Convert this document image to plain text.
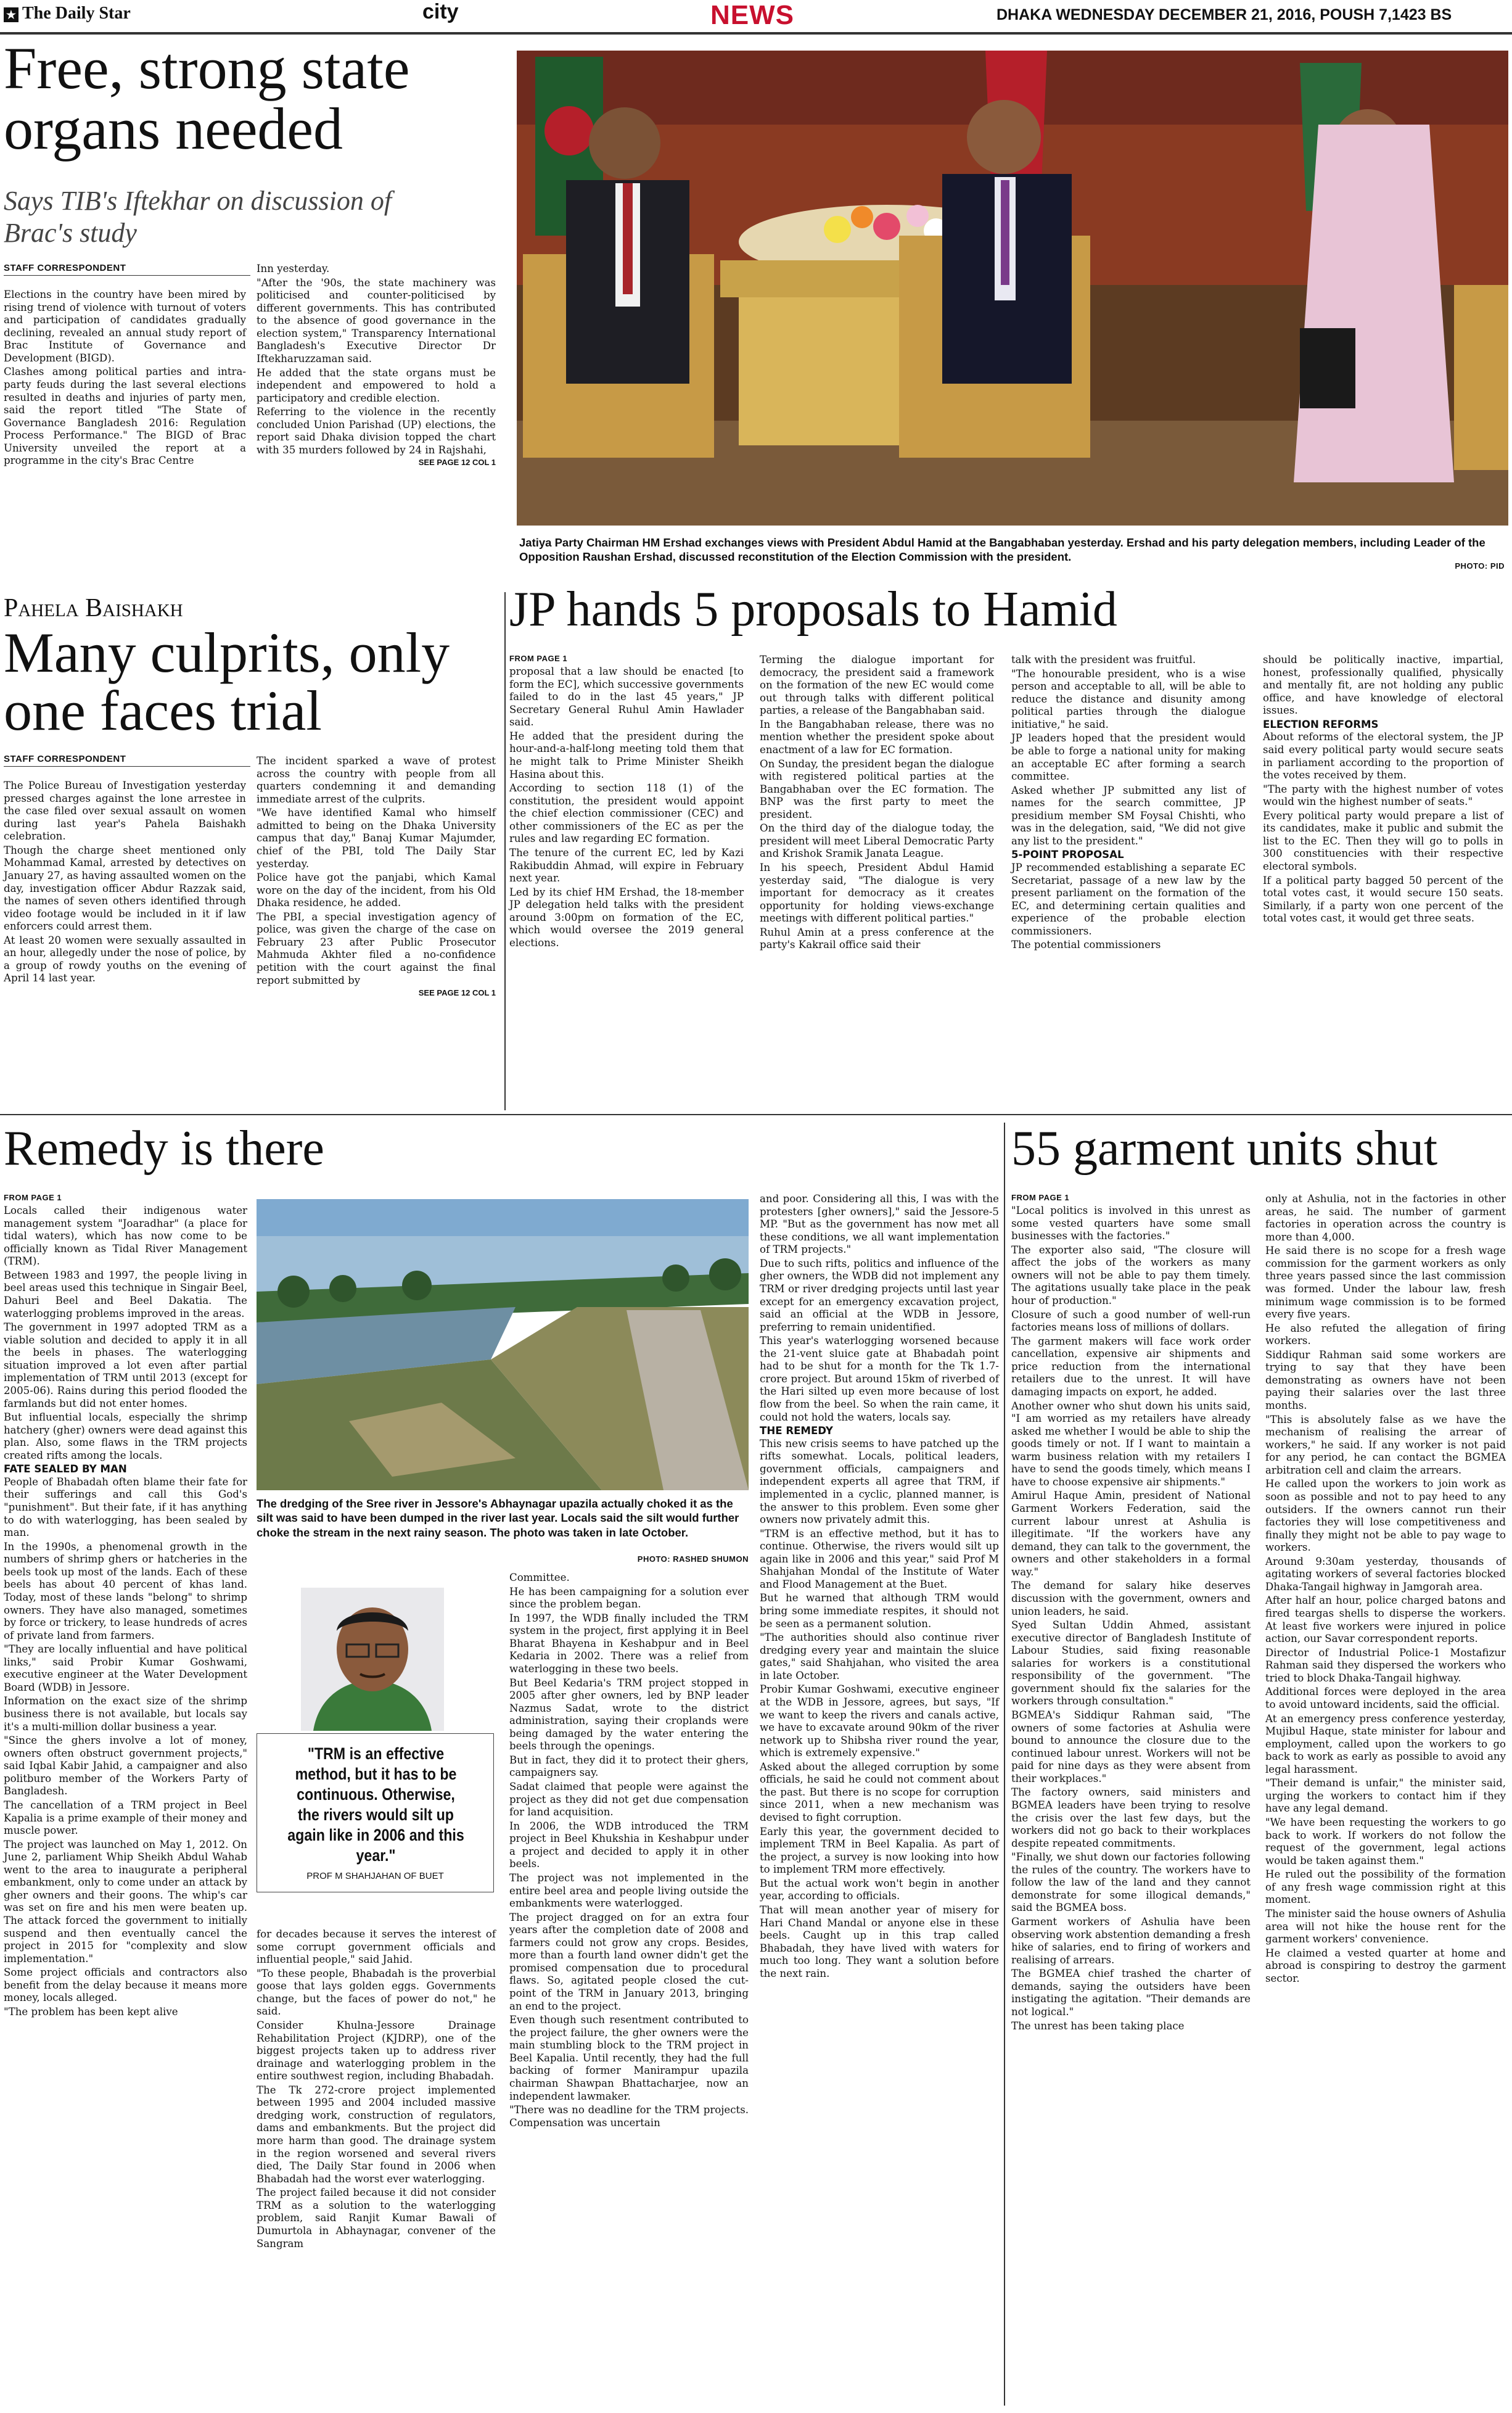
★ The Daily Star	city	NEWS	DHAKA WEDNESDAY DECEMBER 21, 2016, POUSH 7,1423 BS
Free, strong state organs needed
Says TIB's Iftekhar on discussion of Brac's study
STAFF CORRESPONDENT

Elections in the country have been mired by rising trend of violence with turnout of voters and participation of candidates gradually declining, revealed an annual study report of Brac Institute of Governance and Development (BIGD).

Clashes among political parties and intra-party feuds during the last several elections resulted in deaths and injuries of party men, said the report titled "The State of Governance Bangladesh 2016: Regulation Process Performance." The BIGD of Brac University unveiled the report at a programme in the city's Brac Centre

Inn yesterday.

"After the '90s, the state machinery was politicised and counter-politicised by different governments. This has contributed to the absence of good governance in the election system," Transparency International Bangladesh's Executive Director Dr Iftekharuzzaman said.

He added that the state organs must be independent and empowered to hold a participatory and credible election.

Referring to the violence in the recently concluded Union Parishad (UP) elections, the report said Dhaka division topped the chart with 35 murders followed by 24 in Rajshahi,

SEE PAGE 12 COL 1
Jatiya Party Chairman HM Ershad exchanges views with President Abdul Hamid at the Bangabhaban yesterday. Ershad and his party delegation members, including Leader of the Opposition Raushan Ershad, discussed reconstitution of the Election Commission with the president.
PHOTO: PID
Pahela Baishakh
Many culprits, only one faces trial
STAFF CORRESPONDENT

The Police Bureau of Investigation yesterday pressed charges against the lone arrestee in the case filed over sexual assault on women during last year's Pahela Baishakh celebration.

Though the charge sheet mentioned only Mohammad Kamal, arrested by detectives on January 27, as having assaulted women on the day, investigation officer Abdur Razzak said, the names of seven others identified through video footage would be included in it if law enforcers could arrest them.

At least 20 women were sexually assaulted in an hour, allegedly under the nose of police, by a group of rowdy youths on the evening of April 14 last year.

The incident sparked a wave of protest across the country with people from all quarters condemning it and demanding immediate arrest of the culprits.

"We have identified Kamal who himself admitted to being on the Dhaka University campus that day," Banaj Kumar Majumder, chief of the PBI, told The Daily Star yesterday.

Police have got the panjabi, which Kamal wore on the day of the incident, from his Old Dhaka residence, he added.

The PBI, a special investigation agency of police, was given the charge of the case on February 23 after Public Prosecutor Mahmuda Akhter filed a no-confidence petition with the court against the final report submitted by

SEE PAGE 12 COL 1
JP hands 5 proposals to Hamid
FROM PAGE 1

proposal that a law should be enacted [to form the EC], which successive governments failed to do in the last 45 years," JP Secretary General Ruhul Amin Hawlader said.

He added that the president during the hour-and-a-half-long meeting told them that he might talk to Prime Minister Sheikh Hasina about this.

According to section 118 (1) of the constitution, the president would appoint the chief election commissioner (CEC) and other commissioners of the EC as per the rules and law regarding EC formation.

The tenure of the current EC, led by Kazi Rakibuddin Ahmad, will expire in February next year.

Led by its chief HM Ershad, the 18-member JP delegation held talks with the president around 3:00pm on formation of the EC, which would oversee the 2019 general elections.

Terming the dialogue important for democracy, the president said a framework on the formation of the new EC would come out through talks with different political parties, a release of the Bangabhaban said.

In the Bangabhaban release, there was no mention whether the president spoke about enactment of a law for EC formation.

On Sunday, the president began the dialogue with registered political parties at the Bangabhaban over the EC formation. The BNP was the first party to meet the president.

On the third day of the dialogue today, the president will meet Liberal Democratic Party and Krishok Sramik Janata League.

In his speech, President Abdul Hamid yesterday said, "The dialogue is very important for democracy as it creates opportunity for holding views-exchange meetings with different political parties."

Ruhul Amin at a press conference at the party's Kakrail office said their

talk with the president was fruitful.

"The honourable president, who is a wise person and acceptable to all, will be able to reduce the distance and disunity among political parties through the dialogue initiative," he said.

JP leaders hoped that the president would be able to forge a national unity for making an acceptable EC after forming a search committee.

Asked whether JP submitted any list of names for the search committee, JP presidium member SM Foysal Chishti, who was in the delegation, said, "We did not give any list to the president."

5-POINT PROPOSAL

JP recommended establishing a separate EC Secretariat, passage of a new law by the present parliament on the formation of the EC, and determining certain qualities and experience of the probable election commissioners.

The potential commissioners

should be politically inactive, impartial, honest, professionally qualified, physically and mentally fit, are not holding any public office, and have knowledge of electoral issues.

ELECTION REFORMS

About reforms of the electoral system, the JP said every political party would secure seats in parliament according to the proportion of the votes received by them.

"The party with the highest number of votes would win the highest number of seats."

Every political party would prepare a list of its candidates, make it public and submit the list to the EC. Then they will go to polls in 300 constituencies with their respective electoral symbols.

If a political party bagged 50 percent of the total votes cast, it would secure 150 seats. Similarly, if a party won one percent of the total votes cast, it would get three seats.

Remedy is there
FROM PAGE 1

Locals called their indigenous water management system "Joaradhar" (a place for tidal waters), which has now come to be officially known as Tidal River Management (TRM).

Between 1983 and 1997, the people living in beel areas used this technique in Singair Beel, Dahuri Beel and Beel Dakatia. The waterlogging problems improved in the areas.

The government in 1997 adopted TRM as a viable solution and decided to apply it in all the beels in phases. The waterlogging situation improved a lot even after partial implementation of TRM until 2013 (except for 2005-06). Rains during this period flooded the farmlands but did not enter homes.

But influential locals, especially the shrimp hatchery (gher) owners were dead against this plan. Also, some flaws in the TRM projects created rifts among the locals.

FATE SEALED BY MAN

People of Bhabadah often blame their fate for their sufferings and call this God's "punishment". But their fate, if it has anything to do with waterlogging, has been sealed by man.

In the 1990s, a phenomenal growth in the numbers of shrimp ghers or hatcheries in the beels took up most of the lands. Each of these beels has about 40 percent of khas land. Today, most of these lands "belong" to shrimp owners. They have also managed, sometimes by force or trickery, to lease hundreds of acres of private land from farmers.

"They are locally influential and have political links," said Probir Kumar Goshwami, executive engineer at the Water Development Board (WDB) in Jessore.

Information on the exact size of the shrimp business there is not available, but locals say it's a multi-million dollar business a year.

"Since the ghers involve a lot of money, owners often obstruct government projects," said Iqbal Kabir Jahid, a campaigner and also politburo member of the Workers Party of Bangladesh.

The cancellation of a TRM project in Beel Kapalia is a prime example of their money and muscle power.

The project was launched on May 1, 2012. On June 2, parliament Whip Sheikh Abdul Wahab went to the area to inaugurate a peripheral embankment, only to come under an attack by gher owners and their goons. The whip's car was set on fire and his men were beaten up. The attack forced the government to initially suspend and then eventually cancel the project in 2015 for "complexity and slow implementation."

Some project officials and contractors also benefit from the delay because it means more money, locals alleged.

"The problem has been kept alive

The dredging of the Sree river in Jessore's Abhaynagar upazila actually choked it as the silt was said to have been dumped in the river last year. Locals said the silt would further choke the stream in the next rainy season. The photo was taken in late October.
PHOTO: RASHED SHUMON
"TRM is an effective method, but it has to be continuous. Otherwise, the rivers would silt up again like in 2006 and this year."
PROF M SHAHJAHAN OF BUET

for decades because it serves the interest of some corrupt government officials and influential people," said Jahid.

"To these people, Bhabadah is the proverbial goose that lays golden eggs. Governments change, but the faces of power do not," he said.

Consider Khulna-Jessore Drainage Rehabilitation Project (KJDRP), one of the biggest projects taken up to address river drainage and waterlogging problem in the entire southwest region, including Bhabadah.

The Tk 272-crore project implemented between 1995 and 2004 included massive dredging work, construction of regulators, dams and embankments. But the project did more harm than good. The drainage system in the region worsened and several rivers died, The Daily Star found in 2006 when Bhabadah had the worst ever waterlogging.

The project failed because it did not consider TRM as a solution to the waterlogging problem, said Ranjit Kumar Bawali of Dumurtola in Abhaynagar, convener of the Sangram

Committee.

He has been campaigning for a solution ever since the problem began.

In 1997, the WDB finally included the TRM system in the project, first applying it in Beel Bharat Bhayena in Keshabpur and in Beel Kedaria in 2002. There was a relief from waterlogging in these two beels.

But Beel Kedaria's TRM project stopped in 2005 after gher owners, led by BNP leader Nazmus Sadat, wrote to the district administration, saying their croplands were being damaged by the water entering the beels through the openings.

But in fact, they did it to protect their ghers, campaigners say.

Sadat claimed that people were against the project as they did not get due compensation for land acquisition.

In 2006, the WDB introduced the TRM project in Beel Khukshia in Keshabpur under a project and decided to apply it in other beels.

The project was not implemented in the entire beel area and people living outside the embankments were waterlogged.

The project dragged on for an extra four years after the completion date of 2008 and farmers could not grow any crops. Besides, more than a fourth land owner didn't get the promised compensation due to procedural flaws. So, agitated people closed the cut-point of the TRM in January 2013, bringing an end to the project.

Even though such resentment contributed to the project failure, the gher owners were the main stumbling block to the TRM project in Beel Kapalia. Until recently, they had the full backing of former Manirampur upazila chairman Shawpan Bhattacharjee, now an independent lawmaker.

"There was no deadline for the TRM projects. Compensation was uncertain

and poor. Considering all this, I was with the protesters [gher owners]," said the Jessore-5 MP. "But as the government has now met all these conditions, we all want implementation of TRM projects."

Due to such rifts, politics and influence of the gher owners, the WDB did not implement any TRM or river dredging projects until last year except for an emergency excavation project, said an official at the WDB in Jessore, preferring to remain unidentified.

This year's waterlogging worsened because the 21-vent sluice gate at Bhabadah point had to be shut for a month for the Tk 1.7-crore project. But around 15km of riverbed of the Hari silted up even more because of lost flow from the beel. So when the rain came, it could not hold the waters, locals say.

THE REMEDY

This new crisis seems to have patched up the rifts somewhat. Locals, political leaders, government officials, campaigners and independent experts all agree that TRM, if implemented in a cyclic, planned manner, is the answer to this problem. Even some gher owners now privately admit this.

"TRM is an effective method, but it has to continue. Otherwise, the rivers would silt up again like in 2006 and this year," said Prof M Shahjahan Mondal of the Institute of Water and Flood Management at the Buet.

But he warned that although TRM would bring some immediate respites, it should not be seen as a permanent solution.

"The authorities should also continue river dredging every year and maintain the sluice gates," said Shahjahan, who visited the area in late October.

Probir Kumar Goshwami, executive engineer at the WDB in Jessore, agrees, but says, "If we want to keep the rivers and canals active, we have to excavate around 90km of the river network up to Shibsha river round the year, which is extremely expensive."

Asked about the alleged corruption by some officials, he said he could not comment about the past. But there is no scope for corruption since 2011, when a new mechanism was devised to fight corruption.

Early this year, the government decided to implement TRM in Beel Kapalia. As part of the project, a survey is now looking into how to implement TRM more effectively.

But the actual work won't begin in another year, according to officials.

That will mean another year of misery for Hari Chand Mandal or anyone else in these beels. Caught up in this trap called Bhabadah, they have lived with waters for much too long. They want a solution before the next rain.

55 garment units shut
FROM PAGE 1

"Local politics is involved in this unrest as some vested quarters have some small businesses with the factories."

The exporter also said, "The closure will affect the jobs of the workers as many owners will not be able to pay them timely. The agitations usually take place in the peak hour of production."

Closure of such a good number of well-run factories means loss of millions of dollars.

The garment makers will face work order cancellation, expensive air shipments and price reduction from the international retailers due to the unrest. It will have damaging impacts on export, he added.

Another owner who shut down his units said, "I am worried as my retailers have already asked me whether I would be able to ship the goods timely or not. If I want to maintain a warm business relation with my retailers I have to send the goods timely, which means I have to choose expensive air shipments."

Amirul Haque Amin, president of National Garment Workers Federation, said the current labour unrest at Ashulia is illegitimate. "If the workers have any demand, they can talk to the government, the owners and other stakeholders in a formal way."

The demand for salary hike deserves discussion with the government, owners and union leaders, he said.

Syed Sultan Uddin Ahmed, assistant executive director of Bangladesh Institute of Labour Studies, said fixing reasonable salaries for workers is a constitutional responsibility of the government. "The government should fix the salaries for the workers through consultation."

BGMEA's Siddiqur Rahman said, "The owners of some factories at Ashulia were bound to announce the closure due to the continued labour unrest. Workers will not be paid for nine days as they were absent from their workplaces."

The factory owners, said ministers and BGMEA leaders have been trying to resolve the crisis over the last few days, but the workers did not go back to their workplaces despite repeated commitments.

"Finally, we shut down our factories following the rules of the country. The workers have to follow the law of the land and they cannot demonstrate for some illogical demands," said the BGMEA boss.

Garment workers of Ashulia have been observing work abstention demanding a fresh hike of salaries, end to firing of workers and realising of arrears.

The BGMEA chief trashed the charter of demands, saying the outsiders have been instigating the agitation. "Their demands are not logical."

The unrest has been taking place

only at Ashulia, not in the factories in other areas, he said. The number of garment factories in operation across the country is more than 4,000.

He said there is no scope for a fresh wage commission for the garment workers as only three years passed since the last commission was formed. Under the labour law, fresh minimum wage commission is to be formed every five years.

He also refuted the allegation of firing workers.

Siddiqur Rahman said some workers are trying to say that they have been demonstrating as owners have not been paying their salaries over the last three months.

"This is absolutely false as we have the mechanism of realising the arrear of workers," he said. If any worker is not paid for any period, he can contact the BGMEA arbitration cell and claim the arrears.

He called upon the workers to join work as soon as possible and not to pay heed to any outsiders. If the owners cannot run their factories they will lose competitiveness and finally they might not be able to pay wage to workers.

Around 9:30am yesterday, thousands of agitating workers of several factories blocked Dhaka-Tangail highway in Jamgorah area.

After half an hour, police charged batons and fired teargas shells to disperse the workers. At least five workers were injured in police action, our Savar correspondent reports.

Director of Industrial Police-1 Mostafizur Rahman said they dispersed the workers who tried to block Dhaka-Tangail highway.

Additional forces were deployed in the area to avoid untoward incidents, said the official.

At an emergency press conference yesterday, Mujibul Haque, state minister for labour and employment, called upon the workers to go back to work as early as possible to avoid any legal harassment.

"Their demand is unfair," the minister said, urging the workers to contact him if they have any legal demand.

"We have been requesting the workers to go back to work. If workers do not follow the request of the government, legal actions would be taken against them."

He ruled out the possibility of the formation of any fresh wage commission right at this moment.

The minister said the house owners of Ashulia area will not hike the house rent for the garment workers' convenience.

He claimed a vested quarter at home and abroad is conspiring to destroy the garment sector.
